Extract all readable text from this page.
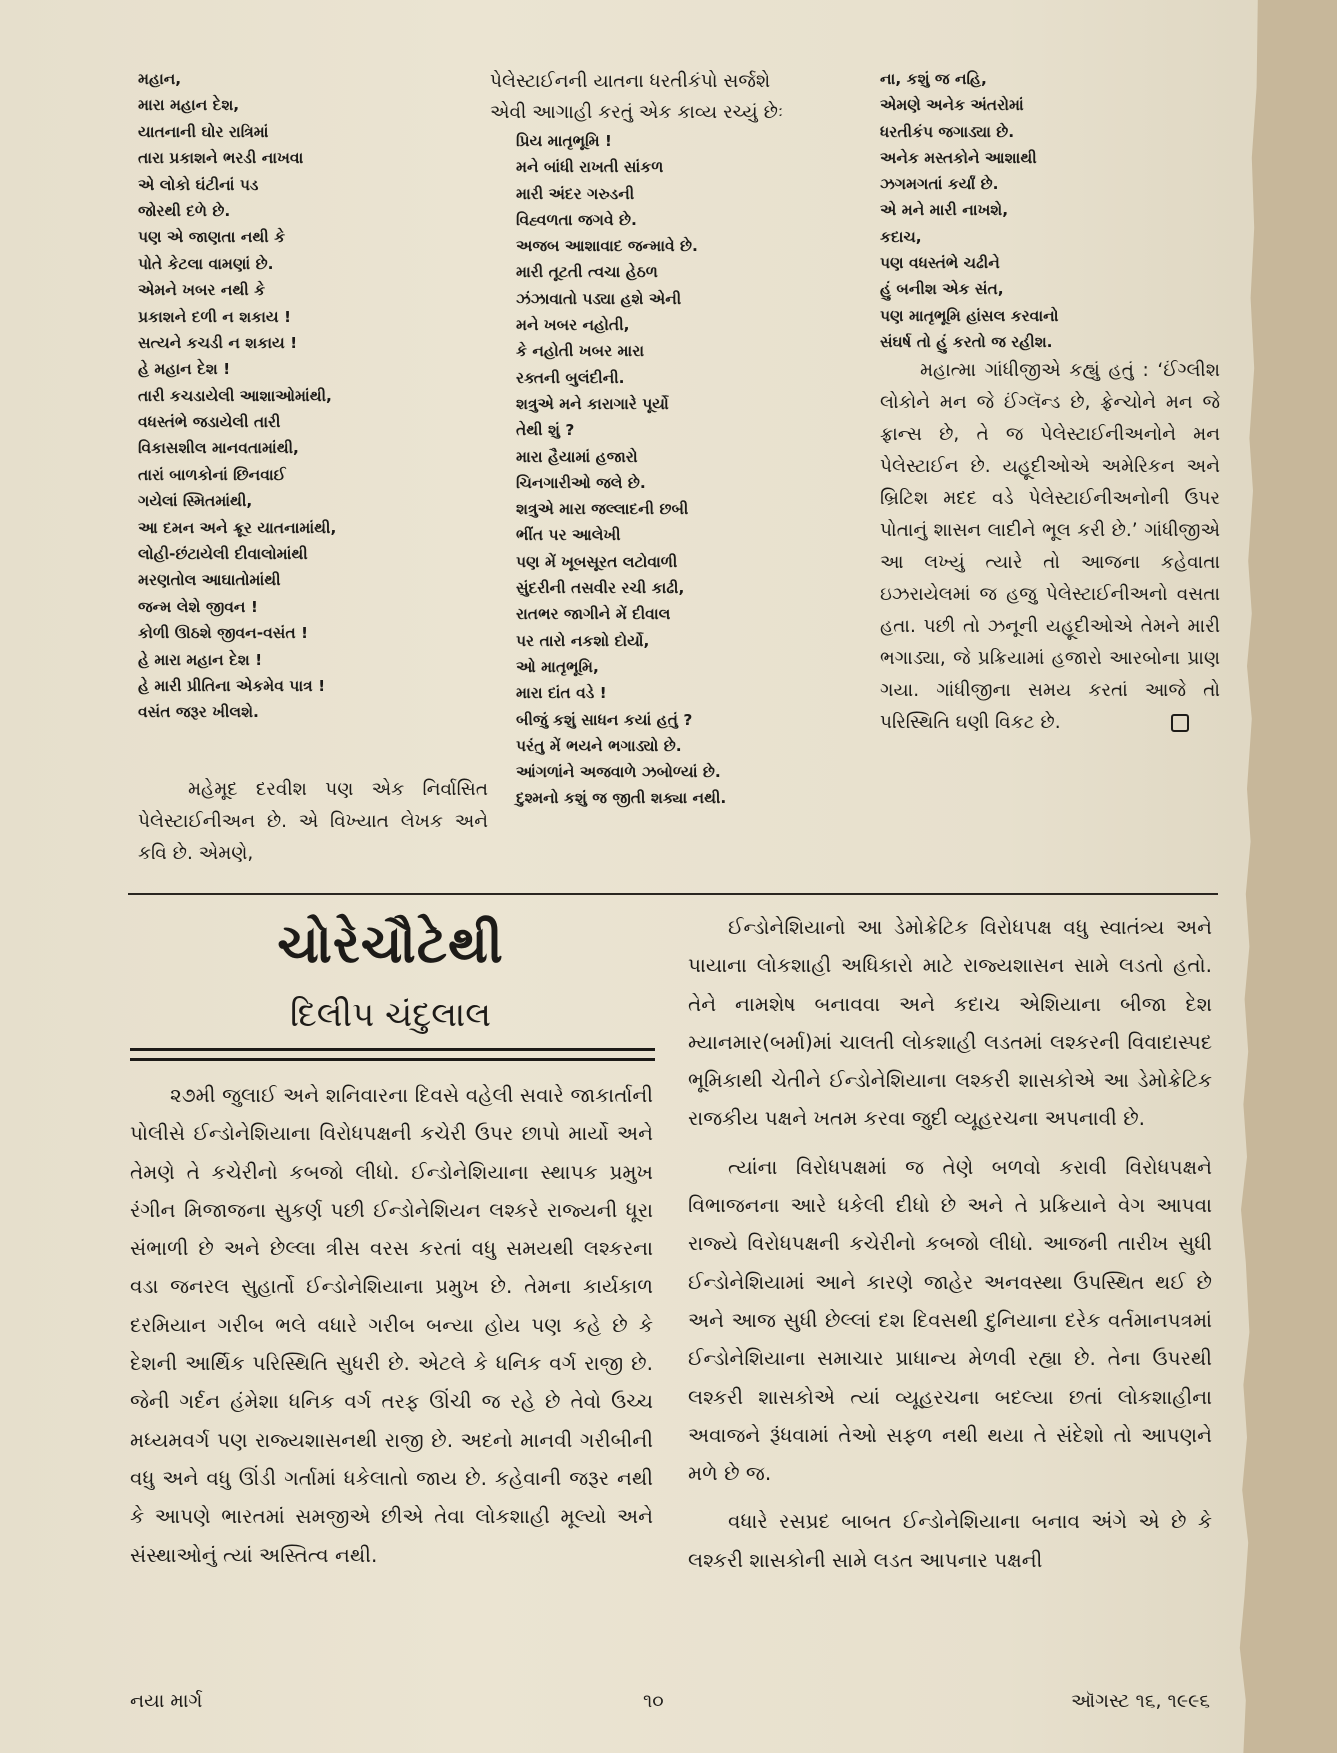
મહાન,
મારા મહાન દેશ,
યાતનાની ઘોર રાત્રિમાં
તારા પ્રકાશને ભરડી નાખવા
એ લોકો ઘંટીનાં પડ
જોરથી દળે છે.
પણ એ જાણતા નથી કે
પોતે કેટલા વામણાં છે.
એમને ખબર નથી કે
પ્રકાશને દળી ન શકાય !
સત્યને કચડી ન શકાય !
હે મહાન દેશ !
તારી કચડાયેલી આશાઓમાંથી,
વધસ્તંભે જડાયેલી તારી
વિકાસશીલ માનવતામાંથી,
તારાં બાળકોનાં છિનવાઈ
ગયેલાં સ્મિતમાંથી,
આ દમન અને ક્રૂર યાતનામાંથી,
લોહી-છંટાયેલી દીવાલોમાંથી
મરણતોલ આઘાતોમાંથી
જન્મ લેશે જીવન !
કોળી ઊઠશે જીવન-વસંત !
હે મારા મહાન દેશ !
હે મારી પ્રીતિના એકમેવ પાત્ર !
વસંત જરૂર ખીલશે.
મહેમૂદ દરવીશ પણ એક નિર્વાસિત પેલેસ્ટાઈનીઅન છે. એ વિખ્યાત લેખક અને કવિ છે. એમણે,
પેલેસ્ટાઈનની યાતના ધરતીકંપો સર્જશે
એવી આગાહી કરતું એક કાવ્ય રચ્યું છેઃ
પ્રિય માતૃભૂમિ !
મને બાંધી રાખતી સાંકળ
મારી અંદર ગરુડની
વિહ્વળતા જગવે છે.
અજબ આશાવાદ જન્માવે છે.
મારી તૂટતી ત્વચા હેઠળ
ઝંઝાવાતો પડ્યા હશે એની
મને ખબર નહોતી,
કે નહોતી ખબર મારા
રક્તની બુલંદીની.
શત્રુએ મને કારાગારે પૂર્યો
તેથી શું ?
મારા હૈયામાં હજારો
ચિનગારીઓ જલે છે.
શત્રુએ મારા જલ્લાદની છબી
ભીંત પર આલેખી
પણ મેં ખૂબસૂરત લટોવાળી
સુંદરીની તસવીર રચી કાઢી,
રાતભર જાગીને મેં દીવાલ
પર તારો નકશો દોર્યો,
ઓ માતૃભૂમિ,
મારા દાંત વડે !
બીજું કશું સાધન કયાં હતું ?
પરંતુ મેં ભયને ભગાડ્યો છે.
આંગળાંને અજવાળે ઝબોળ્યાં છે.
દુશ્મનો કશું જ જીતી શક્યા નથી.
ના, કશું જ નહિ,
એમણે અનેક અંતરોમાં
ધરતીકંપ જગાડ્યા છે.
અનેક મસ્તકોને આશાથી
ઝગમગતાં કર્યાં છે.
એ મને મારી નાખશે,
કદાચ,
પણ વધસ્તંભે ચઢીને
હું બનીશ એક સંત,
પણ માતૃભૂમિ હાંસલ કરવાનો
સંઘર્ષ તો હું કરતો જ રહીશ.
મહાત્મા ગાંધીજીએ કહ્યું હતું : ‘ઈંગ્લીશ લોકોને મન જે ઈંગ્લૅન્ડ છે, ફ્રેન્ચોને મન જે ફ્રાન્સ છે, તે જ પેલેસ્ટાઈનીઅનોને મન પેલેસ્ટાઈન છે. યહૂદીઓએ અમેરિકન અને બ્રિટિશ મદદ વડે પેલેસ્ટાઈનીઅનોની ઉપર પોતાનું શાસન લાદીને ભૂલ કરી છે.’ ગાંધીજીએ આ લખ્યું ત્યારે તો આજના કહેવાતા ઇઝરાયેલમાં જ હજુ પેલેસ્ટાઈનીઅનો વસતા હતા. પછી તો ઝનૂની યહૂદીઓએ તેમને મારી ભગાડ્યા, જે પ્રક્રિયામાં હજારો આરબોના પ્રાણ ગયા. ગાંધીજીના સમય કરતાં આજે તો પરિસ્થિતિ ઘણી વિકટ છે.
ચોરેચૌટેથી
દિલીપ ચંદુલાલ

૨૭મી જુલાઈ અને શનિવારના દિવસે વહેલી સવારે જાકાર્તાની પોલીસે ઈન્ડોનેશિયાના વિરોધપક્ષની કચેરી ઉપર છાપો માર્યો અને તેમણે તે કચેરીનો કબજો લીધો. ઈન્ડોનેશિયાના સ્થાપક પ્રમુખ રંગીન મિજાજના સુકર્ણ પછી ઈન્ડોનેશિયન લશ્કરે રાજ્યની ધૂરા સંભાળી છે અને છેલ્લા ત્રીસ વરસ કરતાં વધુ સમયથી લશ્કરના વડા જનરલ સુહાર્તો ઈન્ડોનેશિયાના પ્રમુખ છે. તેમના કાર્યકાળ દરમિયાન ગરીબ ભલે વધારે ગરીબ બન્યા હોય પણ કહે છે કે દેશની આર્થિક પરિસ્થિતિ સુધરી છે. એટલે કે ધનિક વર્ગ રાજી છે. જેની ગર્દન હંમેશા ધનિક વર્ગ તરફ ઊંચી જ રહે છે તેવો ઉચ્ચ મધ્યમવર્ગ પણ રાજ્યશાસનથી રાજી છે. અદનો માનવી ગરીબીની વધુ અને વધુ ઊંડી ગર્તામાં ધકેલાતો જાય છે. કહેવાની જરૂર નથી કે આપણે ભારતમાં સમજીએ છીએ તેવા લોકશાહી મૂલ્યો અને સંસ્થાઓનું ત્યાં અસ્તિત્વ નથી.

ઈન્ડોનેશિયાનો આ ડેમોક્રેટિક વિરોધપક્ષ વધુ સ્વાતંત્ર્ય અને પાયાના લોકશાહી અધિકારો માટે રાજ્યશાસન સામે લડતો હતો. તેને નામશેષ બનાવવા અને કદાચ એશિયાના બીજા દેશ મ્યાનમાર(બર્મા)માં ચાલતી લોકશાહી લડતમાં લશ્કરની વિવાદાસ્પદ ભૂમિકાથી ચેતીને ઈન્ડોનેશિયાના લશ્કરી શાસકોએ આ ડેમોક્રેટિક રાજકીય પક્ષને ખતમ કરવા જુદી વ્યૂહરચના અપનાવી છે.

ત્યાંના વિરોધપક્ષમાં જ તેણે બળવો કરાવી વિરોધપક્ષને વિભાજનના આરે ધકેલી દીધો છે અને તે પ્રક્રિયાને વેગ આપવા રાજ્યે વિરોધપક્ષની કચેરીનો કબજો લીધો. આજની તારીખ સુધી ઈન્ડોનેશિયામાં આને કારણે જાહેર અનવસ્થા ઉપસ્થિત થઈ છે અને આજ સુધી છેલ્લાં દશ દિવસથી દુનિયાના દરેક વર્તમાનપત્રમાં ઈન્ડોનેશિયાના સમાચાર પ્રાધાન્ય મેળવી રહ્યા છે. તેના ઉપરથી લશ્કરી શાસકોએ ત્યાં વ્યૂહરચના બદલ્યા છતાં લોકશાહીના અવાજને રૂંધવામાં તેઓ સફળ નથી થયા તે સંદેશો તો આપણને મળે છે જ.

વધારે રસપ્રદ બાબત ઈન્ડોનેશિયાના બનાવ અંગે એ છે કે લશ્કરી શાસકોની સામે લડત આપનાર પક્ષની

નયા માર્ગ	૧૦	ઑગસ્ટ ૧૬, ૧૯૯૬
